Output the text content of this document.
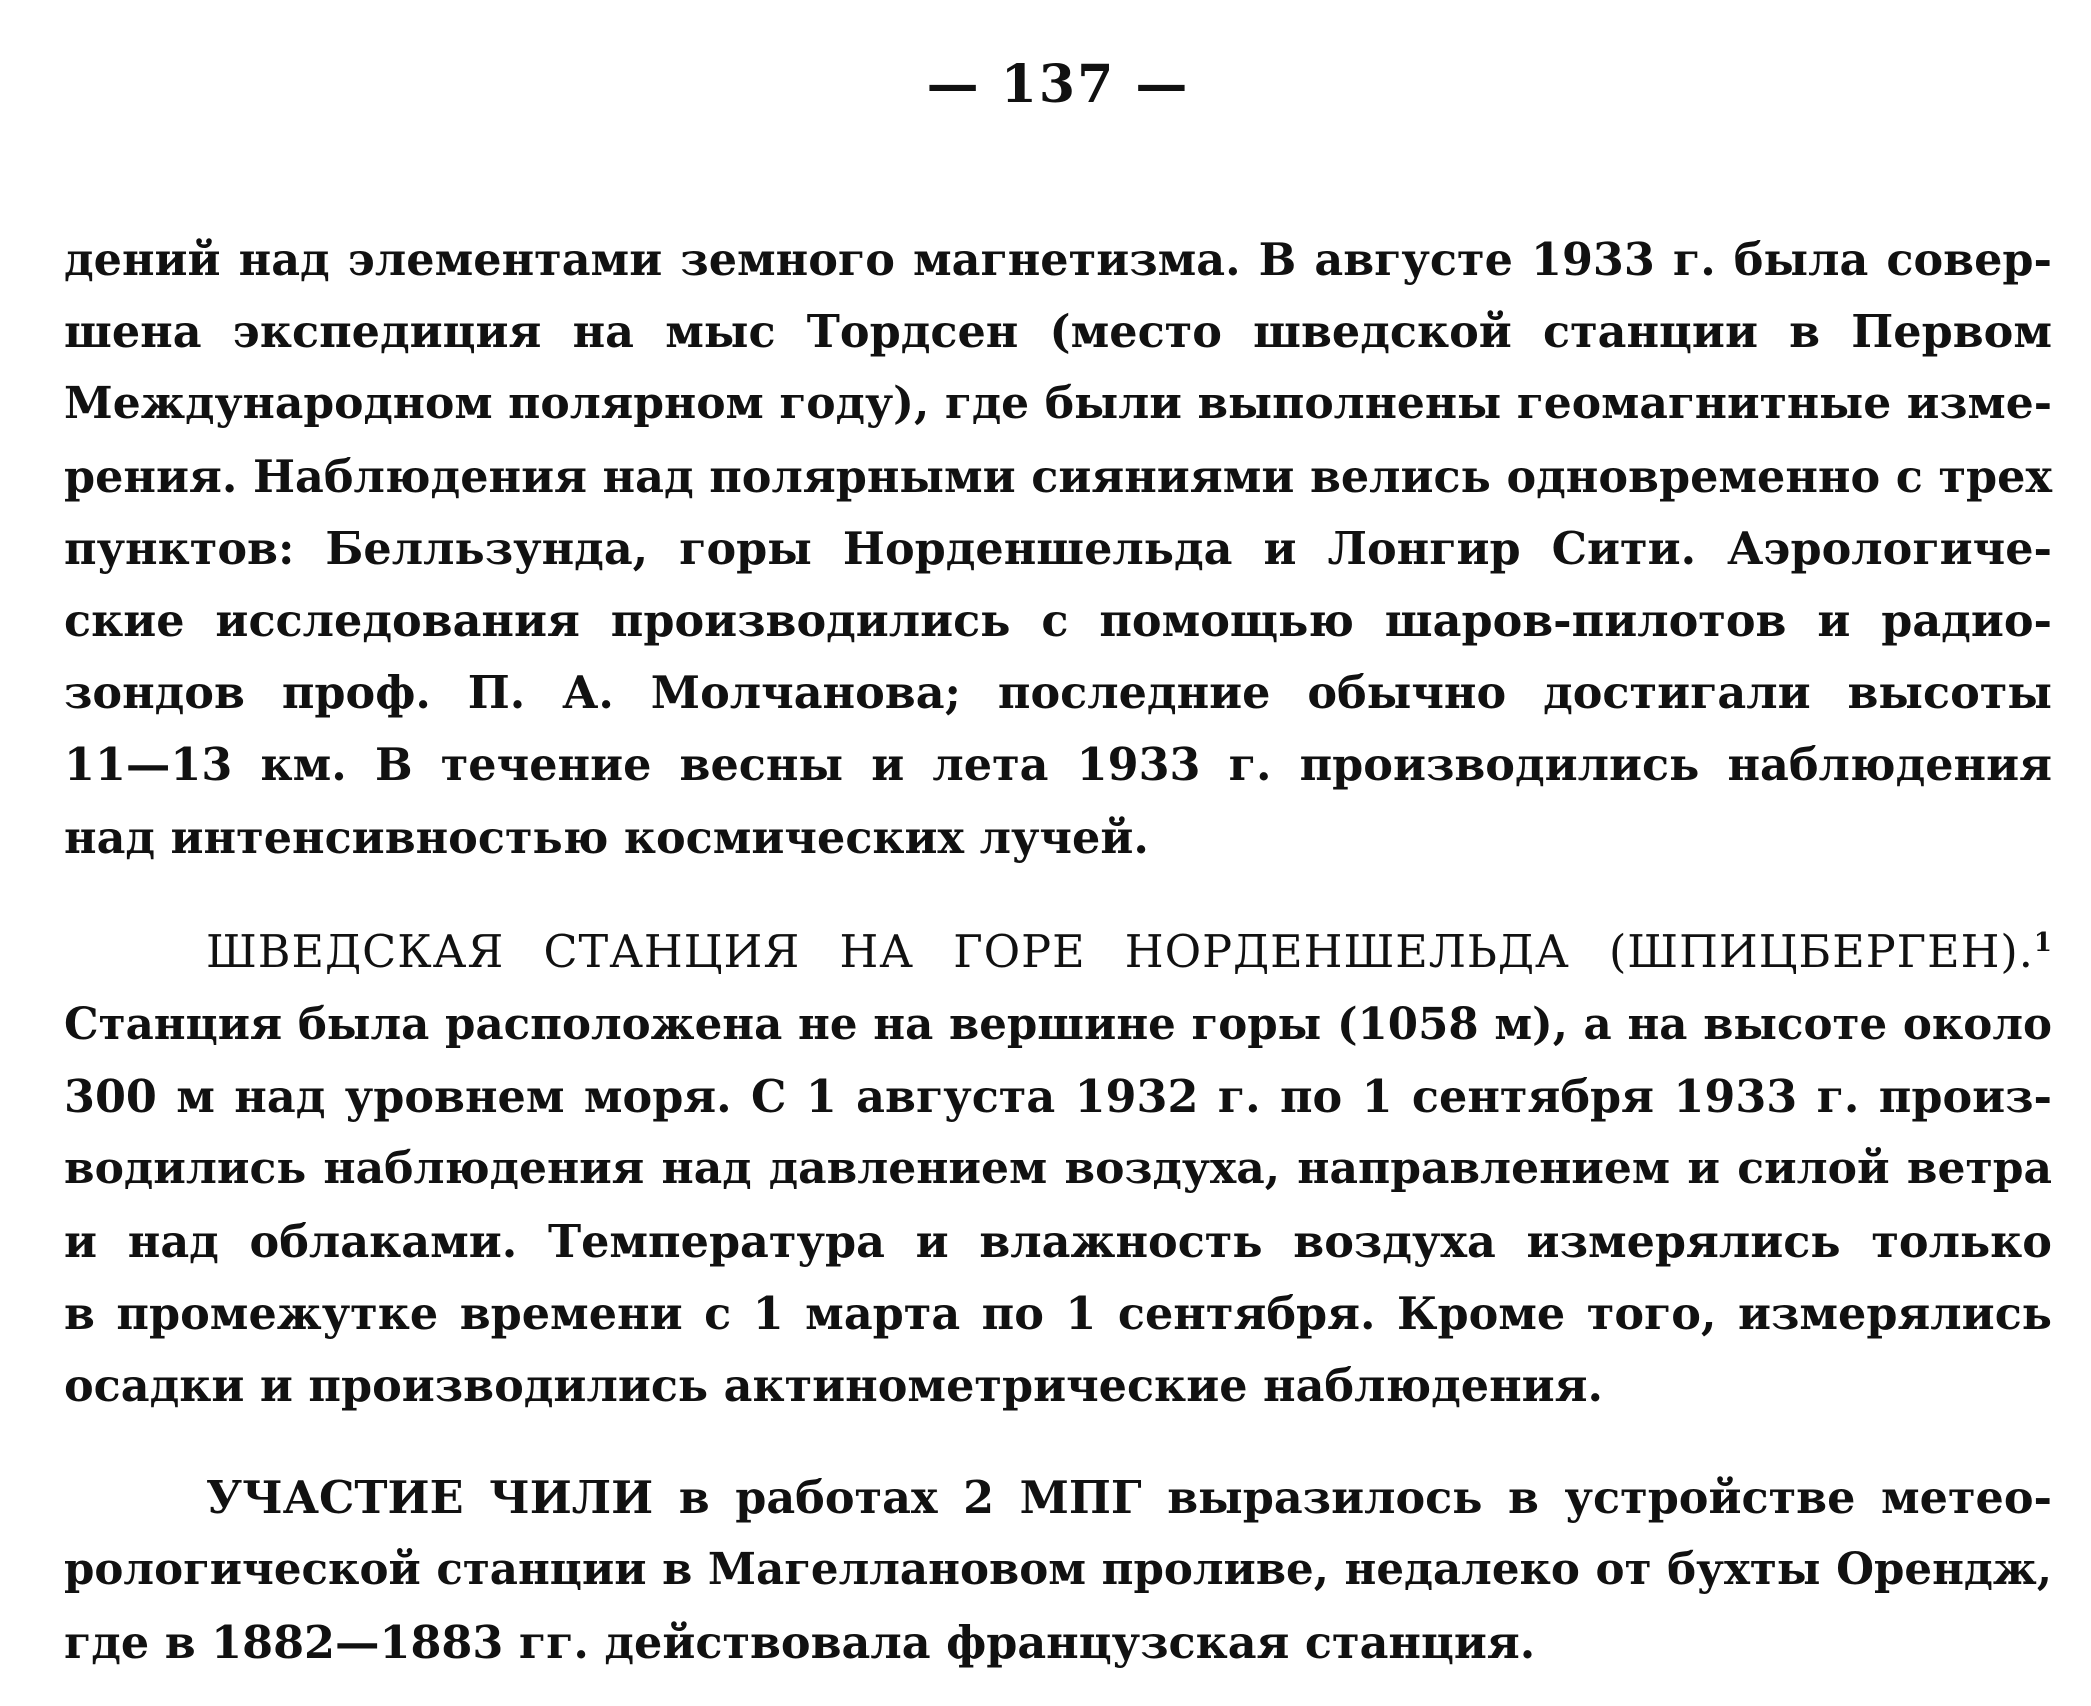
— 137 —

дений над элементами земного магнетизма. В августе 1933 г. была совер-
шена экспедиция на мыс Тордсен (место шведской станции в Первом
Международном полярном году), где были выполнены геомагнитные изме-
рения. Наблюдения над полярными сияниями велись одновременно с трех
пунктов: Белльзунда, горы Норденшельда и Лонгир Сити. Аэрологиче-
ские исследования производились с помощью шаров-пилотов и радио-
зондов проф. П. А. Молчанова; последние обычно достигали высоты
11—13 км. В течение весны и лета 1933 г. производились наблюдения
над интенсивностью космических лучей.

ШВЕДСКАЯ СТАНЦИЯ НА ГОРЕ НОРДЕНШЕЛЬДА (ШПИЦБЕРГЕН).$^1$
Станция была расположена не на вершине горы (1058 м), а на высоте около
300 м над уровнем моря. С 1 августа 1932 г. по 1 сентября 1933 г. произ-
водились наблюдения над давлением воздуха, направлением и силой ветра
и над облаками. Температура и влажность воздуха измерялись только
в промежутке времени с 1 марта по 1 сентября. Кроме того, измерялись
осадки и производились актинометрические наблюдения.

УЧАСТИЕ ЧИЛИ в работах 2 МПГ выразилось в устройстве метео-
рологической станции в Магеллановом проливе, недалеко от бухты Орендж,
где в 1882—1883 гг. действовала французская станция.
